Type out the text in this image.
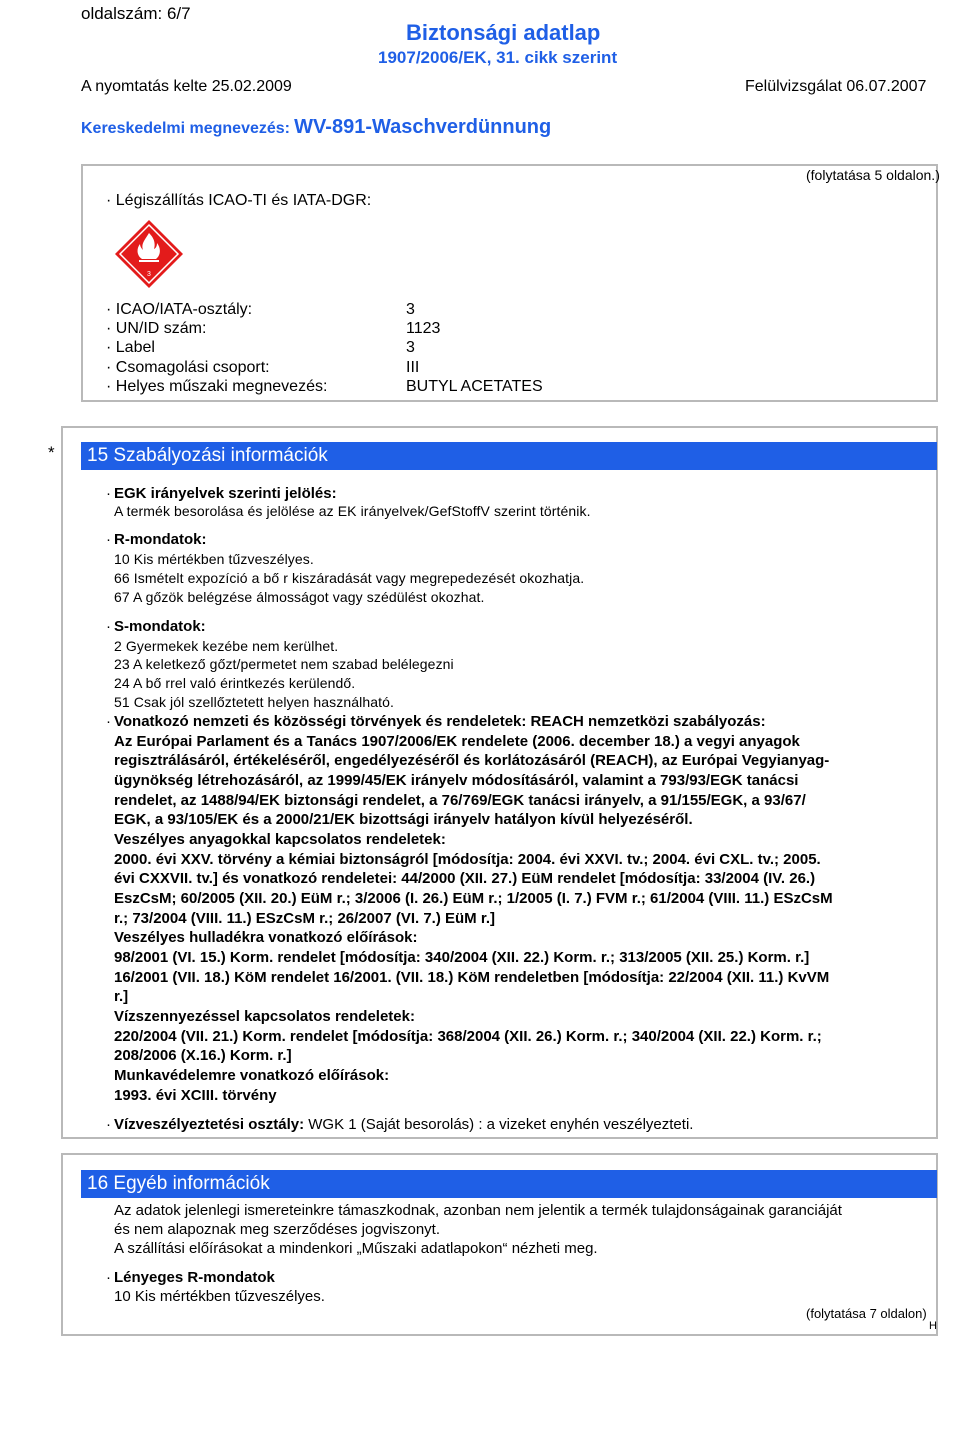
oldalszám: 6/7
Biztonsági adatlap
1907/2006/EK, 31. cikk szerint
A nyomtatás kelte 25.02.2009	Felülvizsgálat 06.07.2007
Kereskedelmi megnevezés: WV-891-Waschverdünnung
(folytatása 5 oldalon.)
· Légiszállítás ICAO-TI és IATA-DGR:
3
· ICAO/IATA-osztály:	3
· UN/ID szám:	1123
· Label	3
· Csomagolási csoport:	III
· Helyes műszaki megnevezés:	BUTYL ACETATES
*	15 Szabályozási információk
· EGK irányelvek szerinti jelölés:
A termék besorolása és jelölése az EK irányelvek/GefStoffV szerint történik.
· R-mondatok:
10 Kis mértékben tűzveszélyes.
66 Ismételt expozíció a bő r kiszáradását vagy megrepedezését okozhatja.
67 A gőzök belégzése álmosságot vagy szédülést okozhat.
· S-mondatok:
2 Gyermekek kezébe nem kerülhet.
23 A keletkező gőzt/permetet nem szabad belélegezni
24 A bő rrel való érintkezés kerülendő.
51 Csak jól szellőztetett helyen használható.
· Vonatkozó nemzeti és közösségi törvények és rendeletek: REACH nemzetközi szabályozás:
Az Európai Parlament és a Tanács 1907/2006/EK rendelete (2006. december 18.) a vegyi anyagok
regisztrálásáról, értékeléséről, engedélyezéséről és korlátozásáról (REACH), az Európai Vegyianyag-
ügynökség létrehozásáról, az 1999/45/EK irányelv módosításáról, valamint a 793/93/EGK tanácsi
rendelet, az 1488/94/EK biztonsági rendelet, a 76/769/EGK tanácsi irányelv, a 91/155/EGK, a 93/67/
EGK, a 93/105/EK és a 2000/21/EK bizottsági irányelv hatályon kívül helyezéséről.
Veszélyes anyagokkal kapcsolatos rendeletek:
2000. évi XXV. törvény a kémiai biztonságról [módosítja: 2004. évi XXVI. tv.; 2004. évi CXL. tv.; 2005.
évi CXXVII. tv.] és vonatkozó rendeletei: 44/2000 (XII. 27.) EüM rendelet [módosítja: 33/2004 (IV. 26.)
EszCsM; 60/2005 (XII. 20.) EüM r.; 3/2006 (I. 26.) EüM r.; 1/2005 (I. 7.) FVM r.; 61/2004 (VIII. 11.) ESzCsM
r.; 73/2004 (VIII. 11.) ESzCsM r.; 26/2007 (VI. 7.) EüM r.]
Veszélyes hulladékra vonatkozó előírások:
98/2001 (VI. 15.) Korm. rendelet [módosítja: 340/2004 (XII. 22.) Korm. r.; 313/2005 (XII. 25.) Korm. r.]
16/2001 (VII. 18.) KöM rendelet 16/2001. (VII. 18.) KöM rendeletben [módosítja: 22/2004 (XII. 11.) KvVM
r.]
Vízszennyezéssel kapcsolatos rendeletek:
220/2004 (VII. 21.) Korm. rendelet [módosítja: 368/2004 (XII. 26.) Korm. r.; 340/2004 (XII. 22.) Korm. r.;
208/2006 (X.16.) Korm. r.]
Munkavédelemre vonatkozó előírások:
1993. évi XCIII. törvény
· Vízveszélyeztetési osztály: WGK 1 (Saját besorolás) : a vizeket enyhén veszélyezteti.
16 Egyéb információk
Az adatok jelenlegi ismereteinkre támaszkodnak, azonban nem jelentik a termék tulajdonságainak garanciáját
és nem alapoznak meg szerződéses jogviszonyt.
A szállítási előírásokat a mindenkori „Műszaki adatlapokon“ nézheti meg.
· Lényeges R-mondatok
10 Kis mértékben tűzveszélyes.
(folytatása 7 oldalon)
H
